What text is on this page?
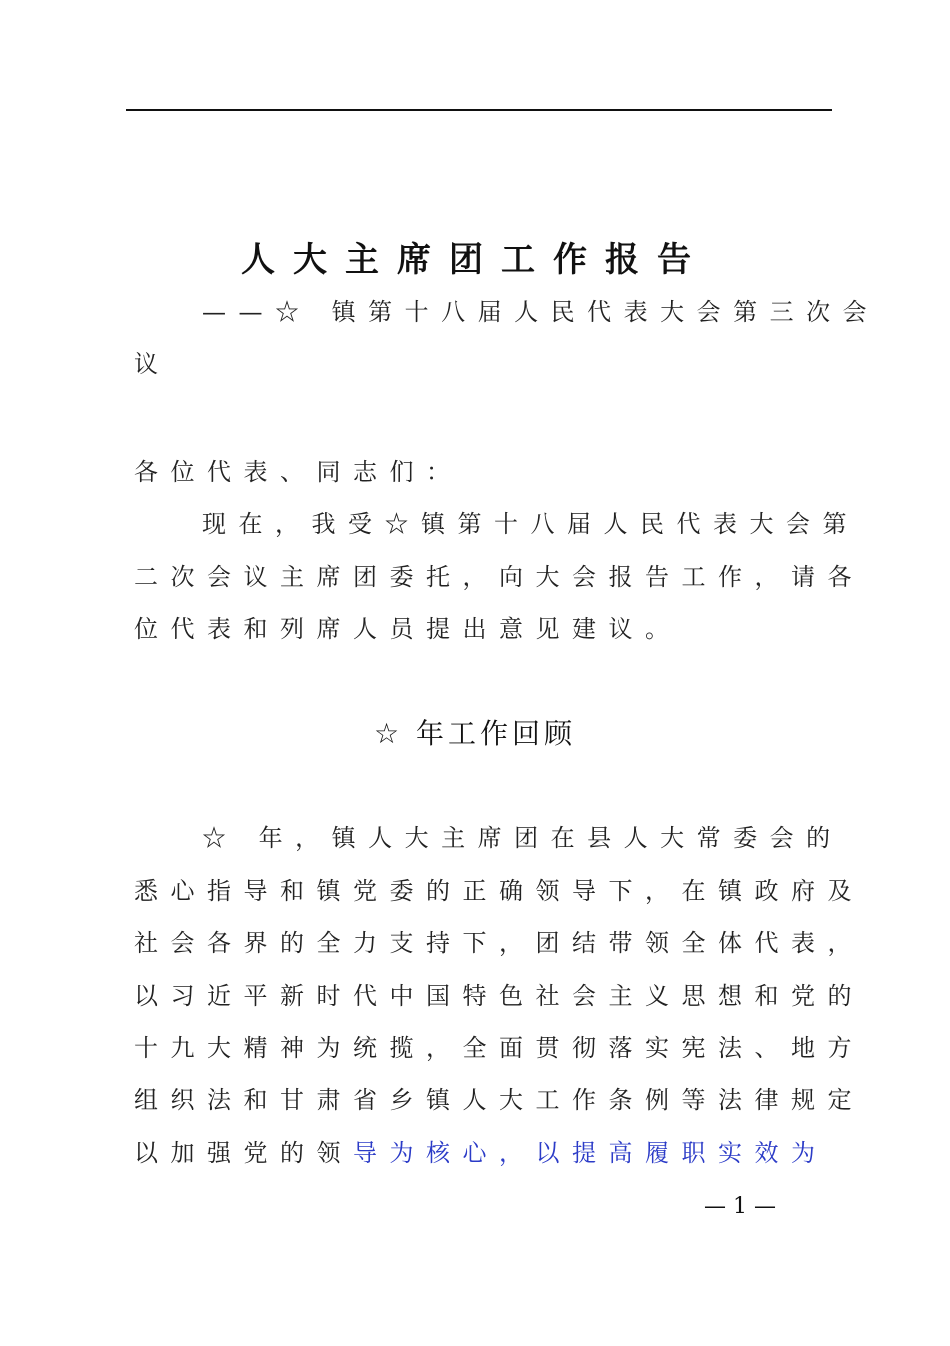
人大主席团工作报告
——☆ 镇第十八届人民代表大会第三次会
议
各位代表、同志们：
现在，我受☆镇第十八届人民代表大会第
二次会议主席团委托，向大会报告工作，请各
位代表和列席人员提出意见建议。
☆ 年工作回顾
☆ 年，镇人大主席团在县人大常委会的
悉心指导和镇党委的正确领导下，在镇政府及
社会各界的全力支持下，团结带领全体代表，
以习近平新时代中国特色社会主义思想和党的
十九大精神为统揽，全面贯彻落实宪法、地方
组织法和甘肃省乡镇人大工作条例等法律规定
以加强党的领导为核心，以提高履职实效为
— 1 —
